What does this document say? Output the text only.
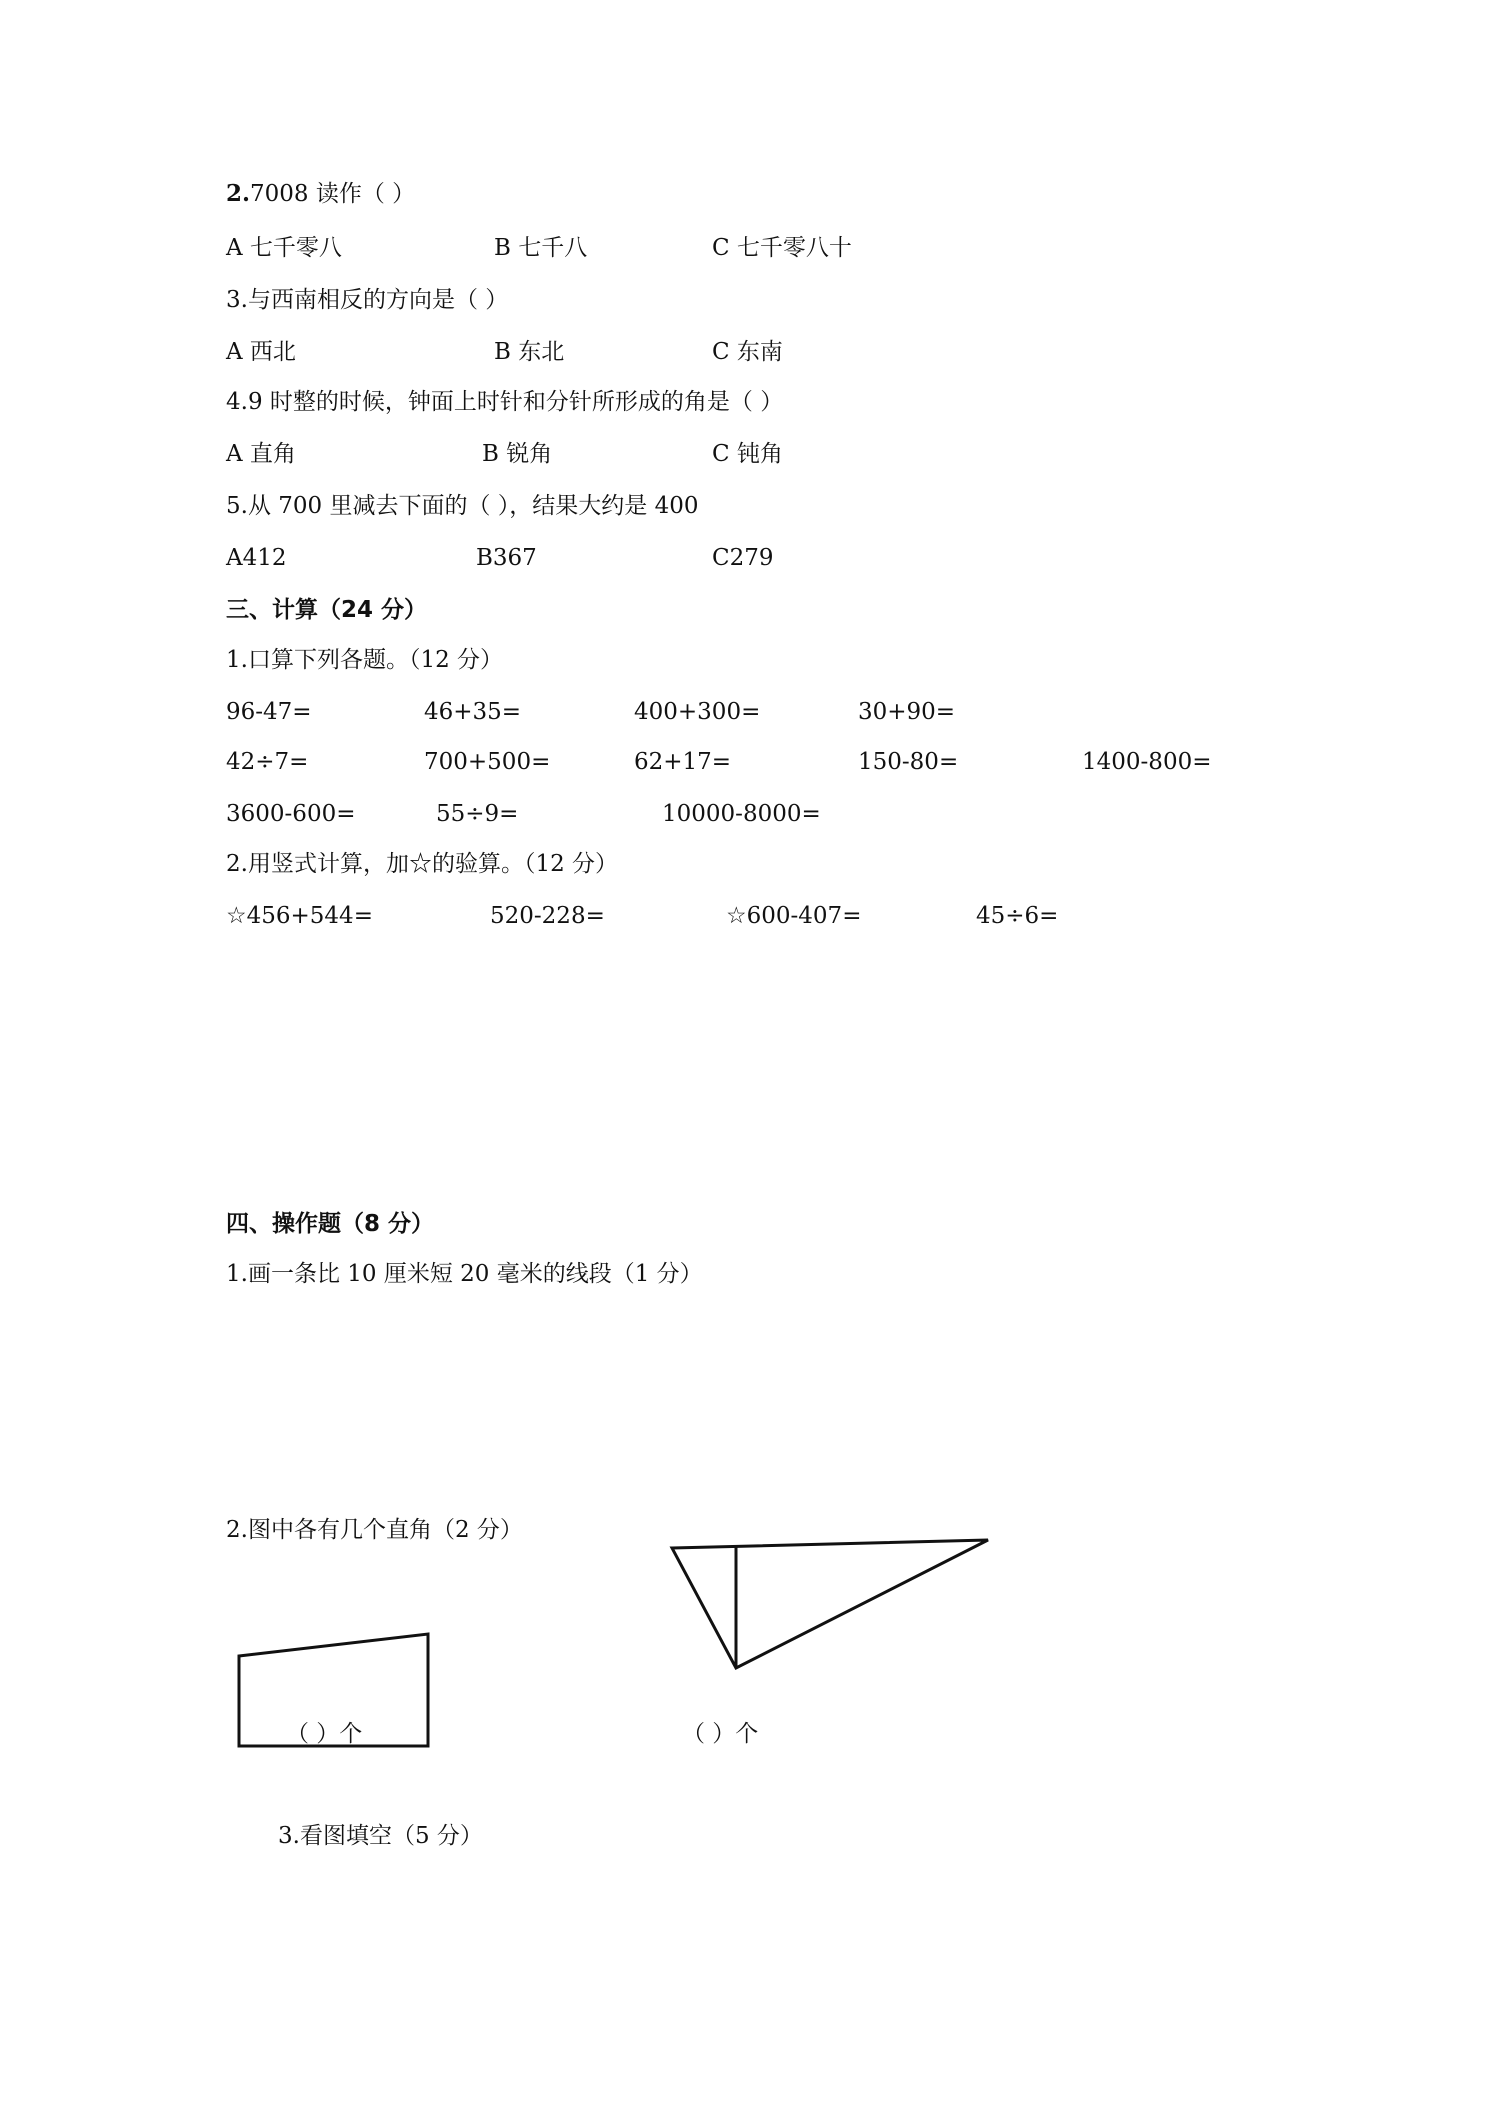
2.7008 读作（ ）
A 七千零八	B 七千八	C 七千零八十
3.与西南相反的方向是（ ）
A 西北	B 东北	C 东南
4.9 时整的时候，钟面上时针和分针所形成的角是（ ）
A 直角	B 锐角	C 钝角
5.从 700 里减去下面的（ ），结果大约是 400
A412	B367	C279
三、计算（24 分）
1.口算下列各题。（12 分）
96-47=	46+35=	400+300=	30+90=
42÷7=	700+500=	62+17=	150-80=	1400-800=
3600-600=	55÷9=	10000-8000=
2.用竖式计算，加☆的验算。（12 分）
☆456+544=	520-228=	☆600-407=	45÷6=
四、操作题（8 分）
1.画一条比 10 厘米短 20 毫米的线段（1 分）
2.图中各有几个直角（2 分）
（ ）个	（ ）个
3.看图填空（5 分）
